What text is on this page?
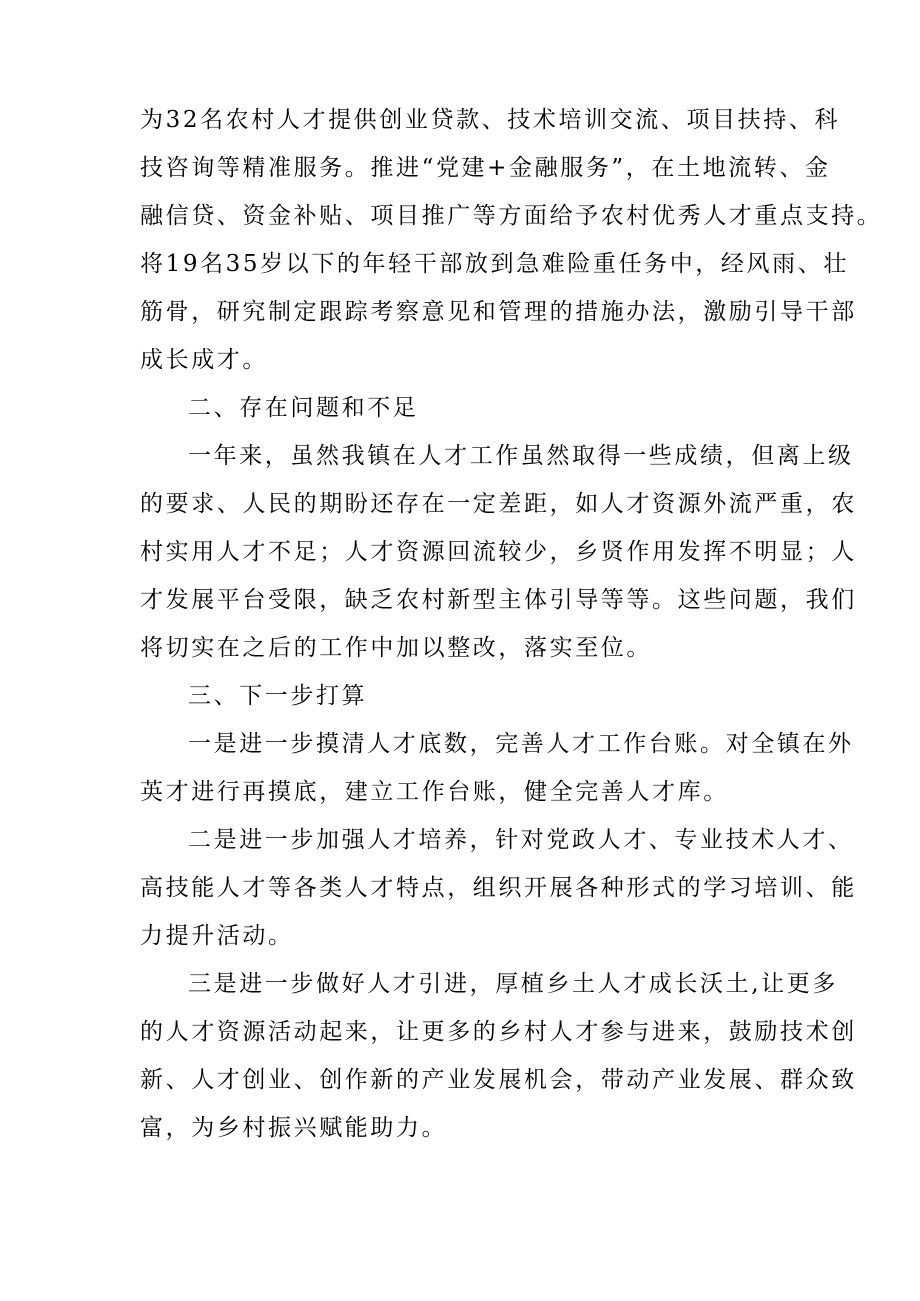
为32名农村人才提供创业贷款、技术培训交流、项目扶持、科
技咨询等精准服务。推进“党建+金融服务”，在土地流转、金
融信贷、资金补贴、项目推广等方面给予农村优秀人才重点支持。
将19名35岁以下的年轻干部放到急难险重任务中，经风雨、壮
筋骨，研究制定跟踪考察意见和管理的措施办法，激励引导干部
成长成才。
二、存在问题和不足
一年来，虽然我镇在人才工作虽然取得一些成绩，但离上级
的要求、人民的期盼还存在一定差距，如人才资源外流严重，农
村实用人才不足；人才资源回流较少，乡贤作用发挥不明显；人
才发展平台受限，缺乏农村新型主体引导等等。这些问题，我们
将切实在之后的工作中加以整改，落实至位。
三、下一步打算
一是进一步摸清人才底数，完善人才工作台账。对全镇在外
英才进行再摸底，建立工作台账，健全完善人才库。
二是进一步加强人才培养，针对党政人才、专业技术人才、
高技能人才等各类人才特点，组织开展各种形式的学习培训、能
力提升活动。
三是进一步做好人才引进，厚植乡土人才成长沃土,让更多
的人才资源活动起来，让更多的乡村人才参与进来，鼓励技术创
新、人才创业、创作新的产业发展机会，带动产业发展、群众致
富，为乡村振兴赋能助力。
